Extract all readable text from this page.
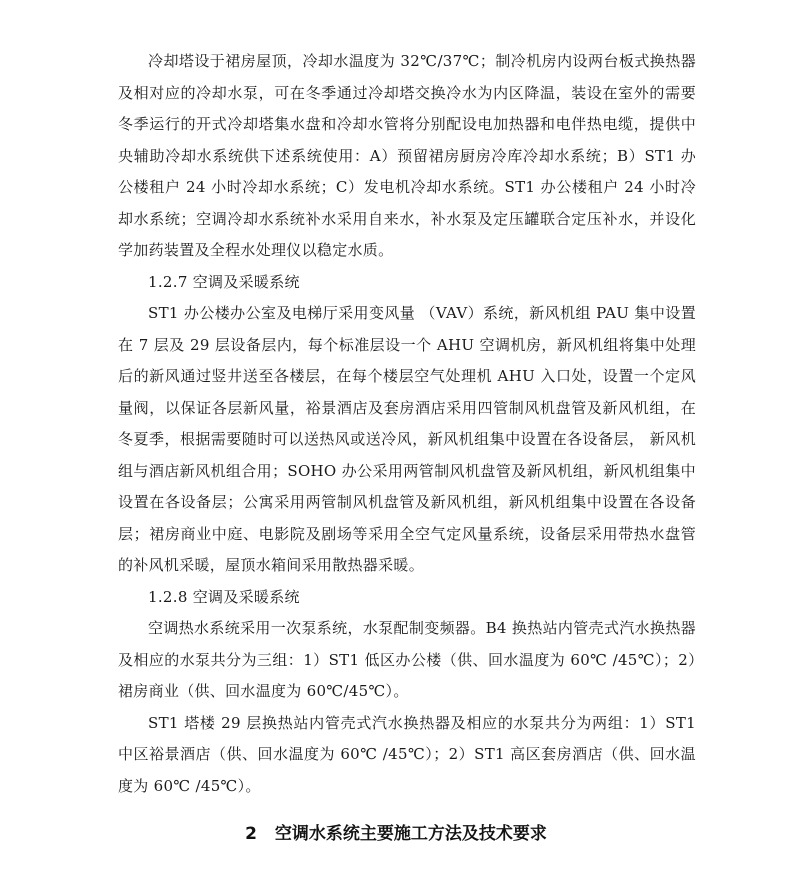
冷却塔设于裙房屋顶，冷却水温度为 32℃/37℃；制冷机房内设两台板式换热器及相对应的冷却水泵，可在冬季通过冷却塔交换冷水为内区降温，装设在室外的需要冬季运行的开式冷却塔集水盘和冷却水管将分别配设电加热器和电伴热电缆，提供中央辅助冷却水系统供下述系统使用：A）预留裙房厨房冷库冷却水系统；B）ST1 办公楼租户 24 小时冷却水系统；C）发电机冷却水系统。ST1 办公楼租户 24 小时冷却水系统；空调冷却水系统补水采用自来水，补水泵及定压罐联合定压补水，并设化学加药装置及全程水处理仪以稳定水质。

1.2.7 空调及采暖系统

ST1 办公楼办公室及电梯厅采用变风量 （VAV）系统，新风机组 PAU 集中设置在 7 层及 29 层设备层内，每个标准层设一个 AHU 空调机房，新风机组将集中处理后的新风通过竖井送至各楼层，在每个楼层空气处理机 AHU 入口处，设置一个定风量阀，以保证各层新风量，裕景酒店及套房酒店采用四管制风机盘管及新风机组，在冬夏季，根据需要随时可以送热风或送冷风，新风机组集中设置在各设备层， 新风机组与酒店新风机组合用；SOHO 办公采用两管制风机盘管及新风机组，新风机组集中设置在各设备层；公寓采用两管制风机盘管及新风机组，新风机组集中设置在各设备层；裙房商业中庭、电影院及剧场等采用全空气定风量系统，设备层采用带热水盘管的补风机采暖，屋顶水箱间采用散热器采暖。

1.2.8 空调及采暖系统

空调热水系统采用一次泵系统，水泵配制变频器。B4 换热站内管壳式汽水换热器及相应的水泵共分为三组：1）ST1 低区办公楼（供、回水温度为 60℃ /45℃）；2）裙房商业（供、回水温度为 60℃/45℃）。

ST1 塔楼 29 层换热站内管壳式汽水换热器及相应的水泵共分为两组：1）ST1 中区裕景酒店（供、回水温度为 60℃ /45℃）；2）ST1 高区套房酒店（供、回水温度为 60℃ /45℃）。

2 空调水系统主要施工方法及技术要求
